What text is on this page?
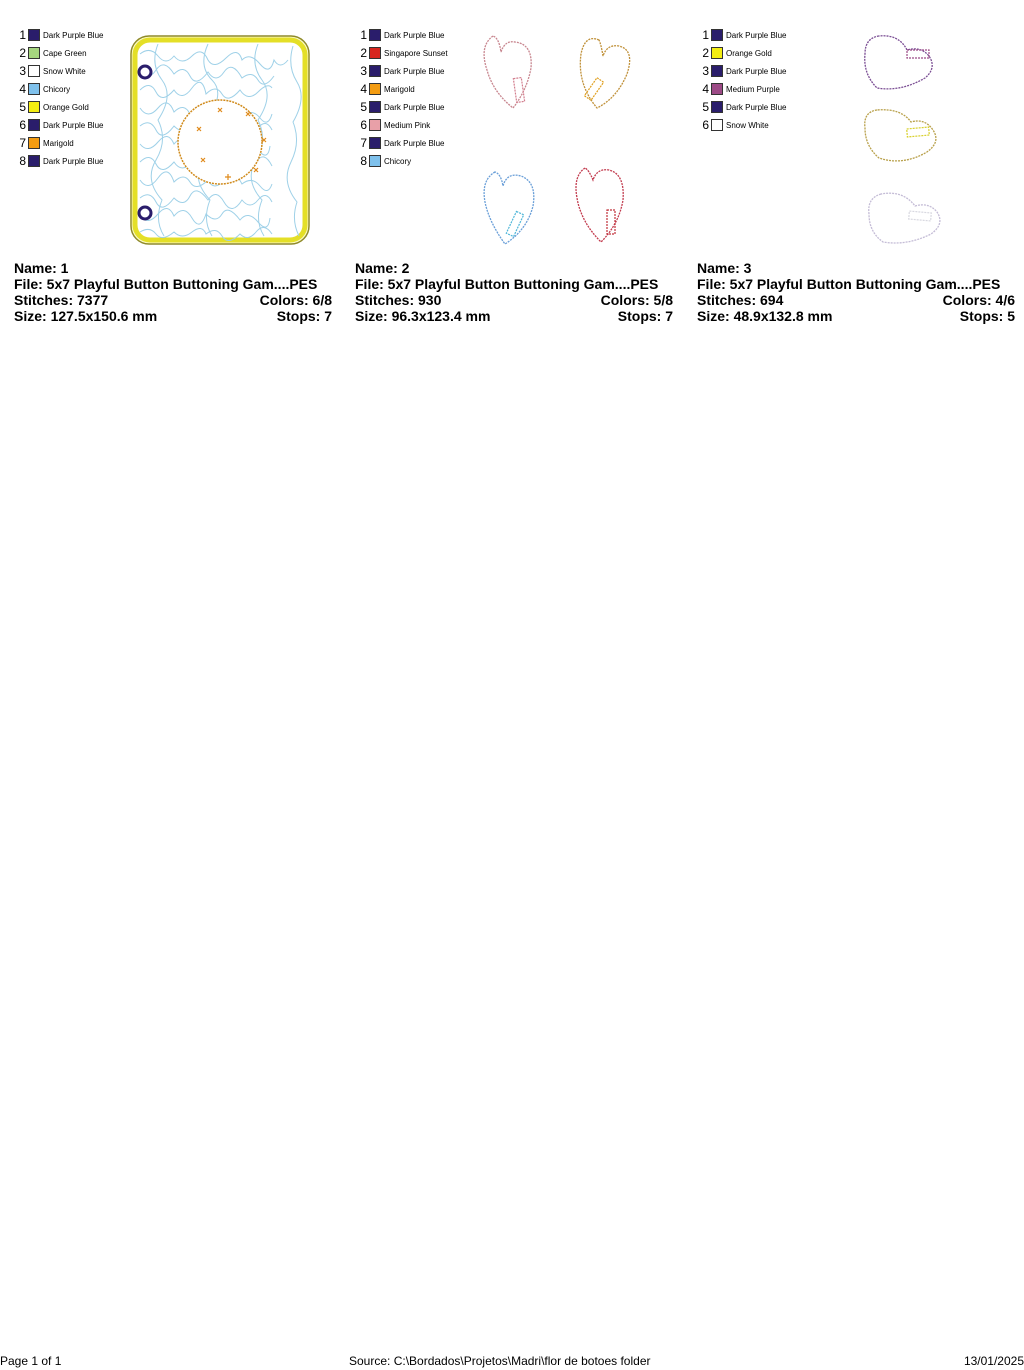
1 Dark Purple Blue
2 Cape Green
3 Snow White
4 Chicory
5 Orange Gold
6 Dark Purple Blue
7 Marigold
8 Dark Purple Blue
Name: 1
File: 5x7 Playful Button Buttoning Gam....PES
Stitches: 7377	Colors: 6/8
Size: 127.5x150.6 mm	Stops: 7
1 Dark Purple Blue
2 Singapore Sunset
3 Dark Purple Blue
4 Marigold
5 Dark Purple Blue
6 Medium Pink
7 Dark Purple Blue
8 Chicory
Name: 2
File: 5x7 Playful Button Buttoning Gam....PES
Stitches: 930	Colors: 5/8
Size: 96.3x123.4 mm	Stops: 7
1 Dark Purple Blue
2 Orange Gold
3 Dark Purple Blue
4 Medium Purple
5 Dark Purple Blue
6 Snow White
Name: 3
File: 5x7 Playful Button Buttoning Gam....PES
Stitches: 694	Colors: 4/6
Size: 48.9x132.8 mm	Stops: 5
Page 1 of 1	Source: C:\Bordados\Projetos\Madri\flor de botoes folder	13/01/2025
